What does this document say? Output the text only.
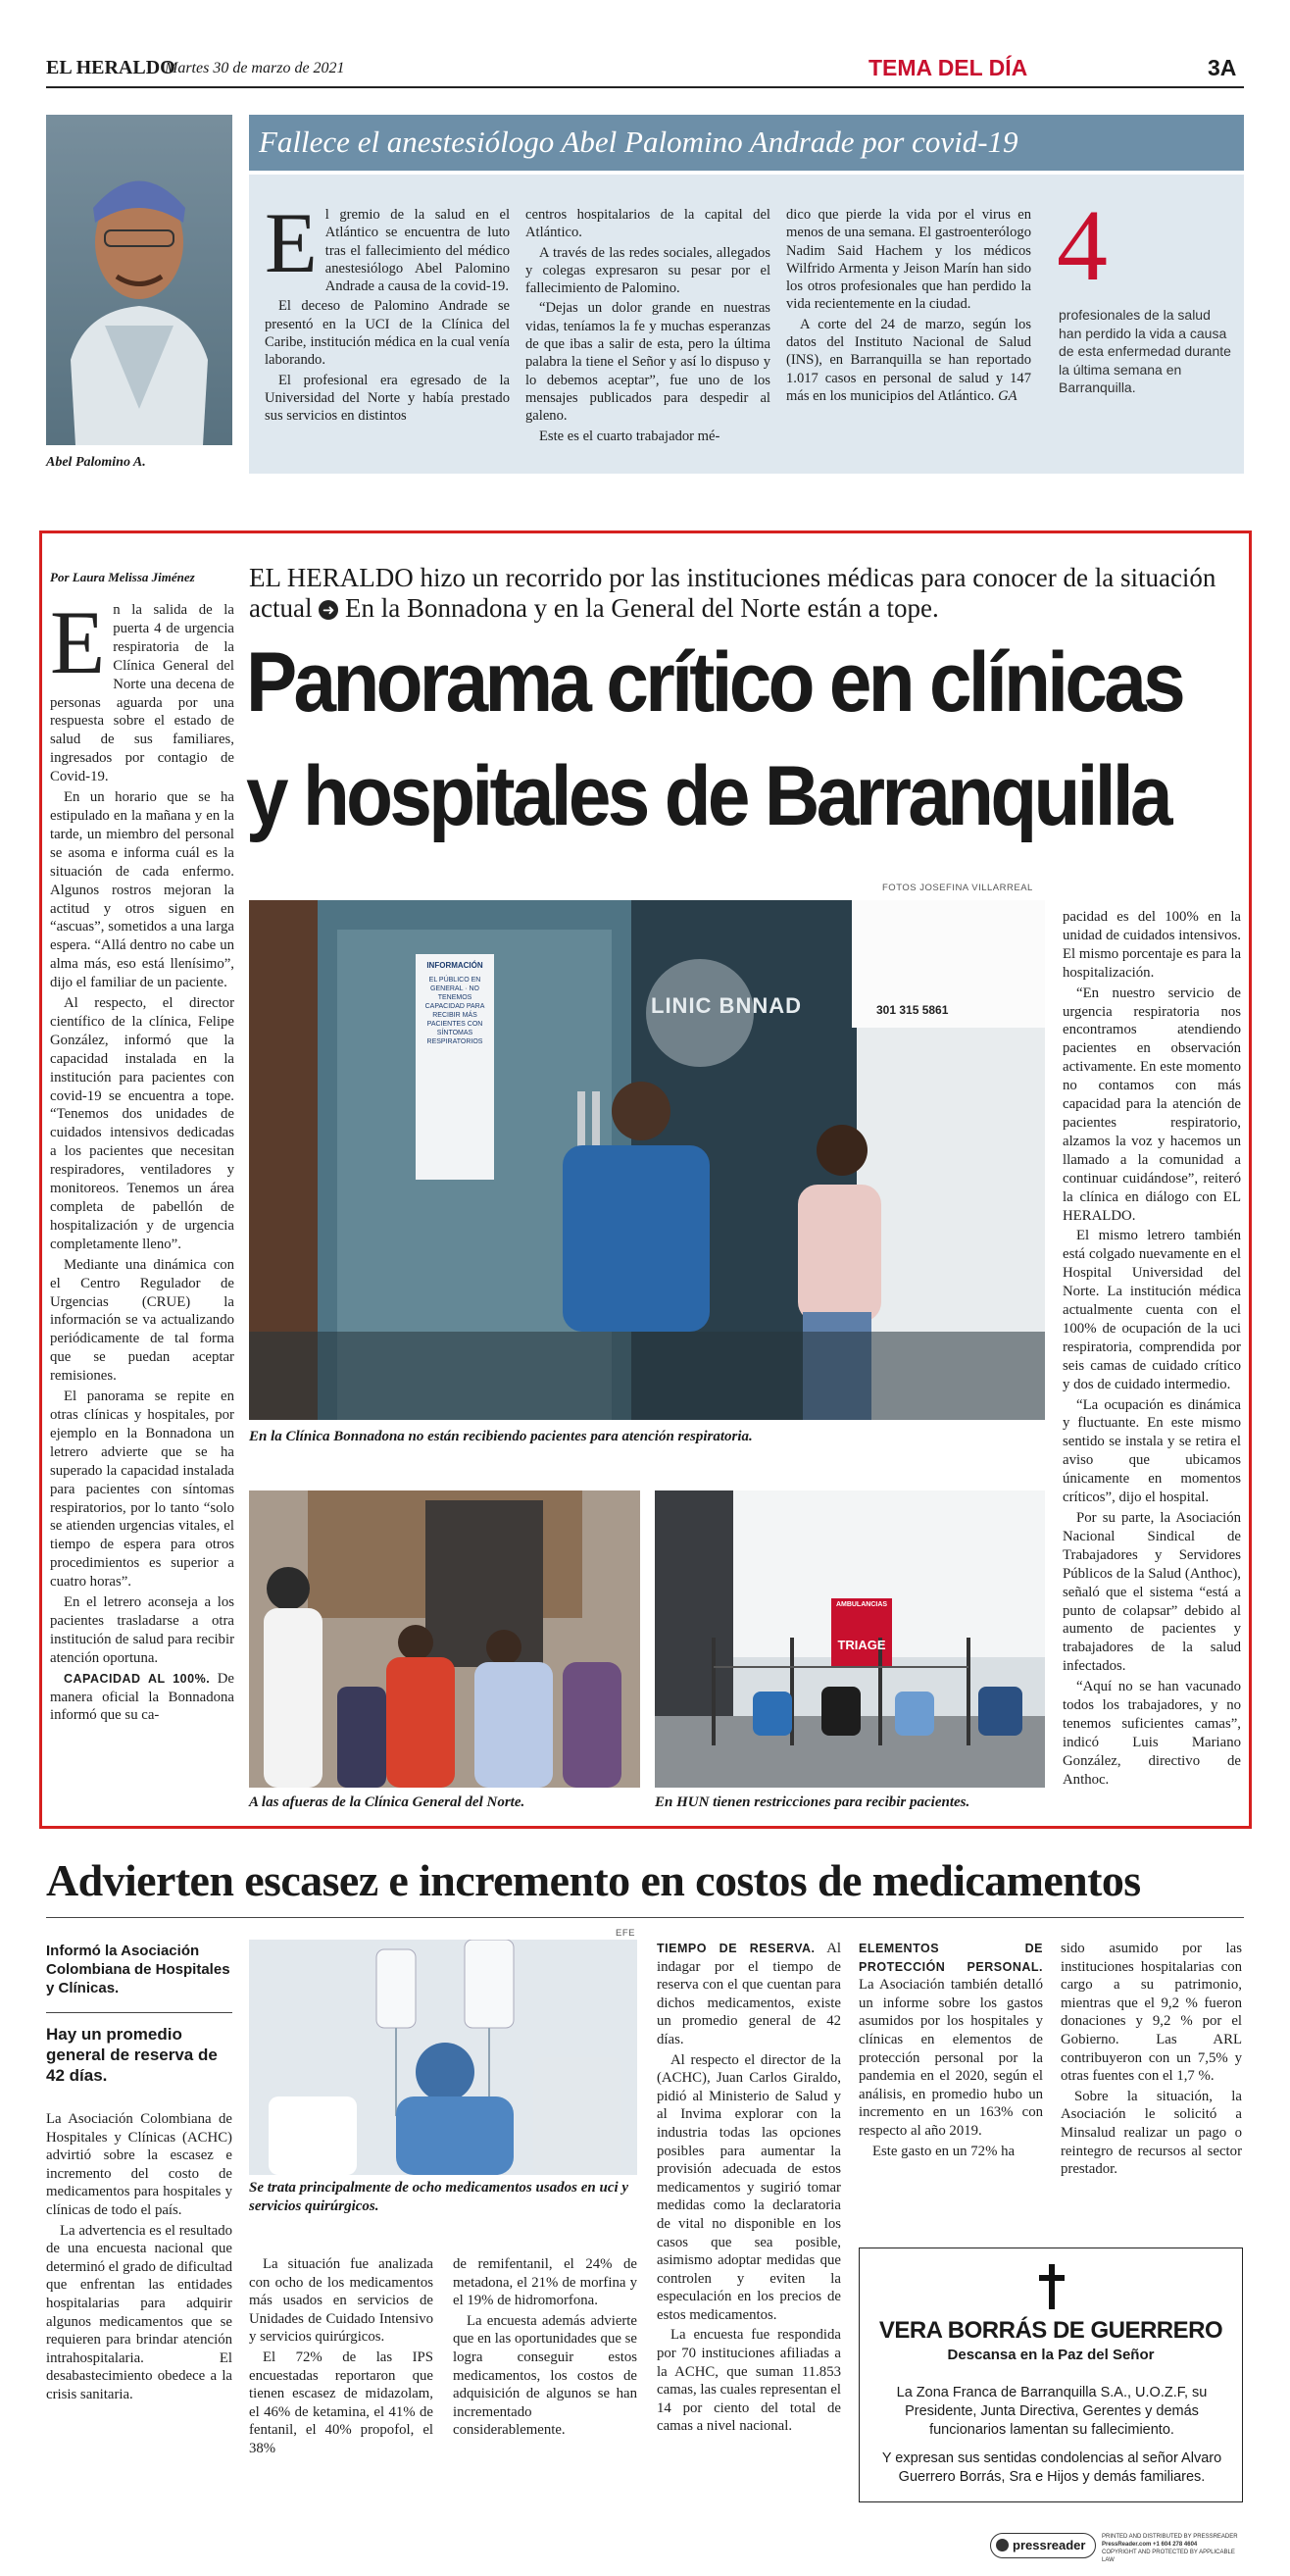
EL HERALDO
Martes 30 de marzo de 2021	TEMA DEL DÍA	3A
Abel Palomino A.
Fallece el anestesiólogo Abel Palomino Andrade por covid-19
E l gremio de la salud en el Atlántico se encuentra de luto tras el fallecimiento del médico anestesiólogo Abel Palomino Andrade a causa de la covid-19.

El deceso de Palomino Andrade se presentó en la UCI de la Clínica del Caribe, institución médica en la cual venía laborando.

El profesional era egresado de la Universidad del Norte y había prestado sus servicios en distintos

centros hospitalarios de la capital del Atlántico.

A través de las redes sociales, allegados y colegas expresaron su pesar por el fallecimiento de Palomino.

“Dejas un dolor grande en nuestras vidas, teníamos la fe y muchas esperanzas de que ibas a salir de esta, pero la última palabra la tiene el Señor y así lo dispuso y lo debemos aceptar”, fue uno de los mensajes publicados para despedir al galeno.

Este es el cuarto trabajador mé-

dico que pierde la vida por el virus en menos de una semana. El gastroenterólogo Nadim Said Hachem y los médicos Wilfrido Armenta y Jeison Marín han sido los otros profesionales que han perdido la vida recientemente en la ciudad.

A corte del 24 de marzo, según los datos del Instituto Nacional de Salud (INS), en Barranquilla se han reportado 1.017 casos en personal de salud y 147 más en los municipios del Atlántico. GA

4
profesionales de la salud han perdido la vida a causa de esta enfermedad durante la última semana en Barranquilla.
Por Laura Melissa Jiménez EL HERALDO hizo un recorrido por las instituciones médicas para conocer de la situación actual ➜ En la Bonnadona y en la General del Norte están a tope.
Panorama crítico en clínicas
y hospitales de Barranquilla
E n la salida de la puerta 4 de urgencia respiratoria de la Clínica General del Norte una decena de personas aguarda por una respuesta sobre el estado de salud de sus familiares, ingresados por contagio de Covid-19.

En un horario que se ha estipulado en la mañana y en la tarde, un miembro del personal se asoma e informa cuál es la situación de cada enfermo. Algunos rostros mejoran la actitud y otros siguen en “ascuas”, sometidos a una larga espera. “Allá dentro no cabe un alma más, eso está llenísimo”, dijo el familiar de un paciente.

Al respecto, el director científico de la clínica, Felipe González, informó que la capacidad instalada en la institución para pacientes con covid-19 se encuentra a tope. “Tenemos dos unidades de cuidados intensivos dedicadas a los pacientes que necesitan respiradores, ventiladores y monitoreos. Tenemos un área completa de pabellón de hospitalización y de urgencia completamente lleno”.

Mediante una dinámica con el Centro Regulador de Urgencias (CRUE) la información se va actualizando periódicamente de tal forma que se puedan aceptar remisiones.

El panorama se repite en otras clínicas y hospitales, por ejemplo en la Bonnadona un letrero advierte que se ha superado la capacidad instalada para pacientes con síntomas respiratorios, por lo tanto “solo se atienden urgencias vitales, el tiempo de espera para otros procedimientos es superior a cuatro horas”.

En el letrero aconseja a los pacientes trasladarse a otra institución de salud para recibir atención oportuna.

CAPACIDAD AL 100%. De manera oficial la Bonnadona informó que su ca-

FOTOS JOSEFINA VILLARREAL
INFORMACIÓN
EL PÚBLICO EN GENERAL · NO TENEMOS CAPACIDAD PARA RECIBIR MÁS PACIENTES CON SÍNTOMAS RESPIRATORIOS
LINIC BNNAD	301 315 5861
En la Clínica Bonnadona no están recibiendo pacientes para atención respiratoria.
A las afueras de la Clínica General del Norte.
AMBULANCIAS
TRIAGE
En HUN tienen restricciones para recibir pacientes.

pacidad es del 100% en la unidad de cuidados intensivos. El mismo porcentaje es para la hospitalización.

“En nuestro servicio de urgencia respiratoria nos encontramos atendiendo pacientes en observación activamente. En este momento no contamos con más capacidad para la atención de pacientes respiratorio, alzamos la voz y hacemos un llamado a la comunidad a continuar cuidándose”, reiteró la clínica en diálogo con EL HERALDO.

El mismo letrero también está colgado nuevamente en el Hospital Universidad del Norte. La institución médica actualmente cuenta con el 100% de ocupación de la uci respiratoria, comprendida por seis camas de cuidado crítico y dos de cuidado intermedio.

“La ocupación es dinámica y fluctuante. En este mismo sentido se instala y se retira el aviso que ubicamos únicamente en momentos críticos”, dijo el hospital.

Por su parte, la Asociación Nacional Sindical de Trabajadores y Servidores Públicos de la Salud (Anthoc), señaló que el sistema “está a punto de colapsar” debido al aumento de pacientes y trabajadores de la salud infectados.

“Aquí no se han vacunado todos los trabajadores, y no tenemos suficientes camas”, indicó Luis Mariano González, directivo de Anthoc.

Advierten escasez e incremento en costos de medicamentos
Informó la Asociación Colombiana de Hospitales y Clínicas.
Hay un promedio general de reserva de 42 días.

La Asociación Colombiana de Hospitales y Clínicas (ACHC) advirtió sobre la escasez e incremento del costo de medicamentos para hospitales y clínicas de todo el país.

La advertencia es el resultado de una encuesta nacional que determinó el grado de dificultad que enfrentan las entidades hospitalarias para adquirir algunos medicamentos que se requieren para brindar atención intrahospitalaria. El desabastecimiento obedece a la crisis sanitaria.

EFE
Se trata principalmente de ocho medicamentos usados en uci y servicios quirúrgicos.

La situación fue analizada con ocho de los medicamentos más usados en servicios de Unidades de Cuidado Intensivo y servicios quirúrgicos.

El 72% de las IPS encuestadas reportaron que tienen escasez de midazolam, el 46% de ketamina, el 41% de fentanil, el 40% propofol, el 38%

de remifentanil, el 24% de metadona, el 21% de morfina y el 19% de hidromorfona.

La encuesta además advierte que en las oportunidades que se logra conseguir estos medicamentos, los costos de adquisición de algunos se han incrementado considerablemente.

TIEMPO DE RESERVA. Al indagar por el tiempo de reserva con el que cuentan para dichos medicamentos, existe un promedio general de 42 días.

Al respecto el director de la (ACHC), Juan Carlos Giraldo, pidió al Ministerio de Salud y al Invima explorar con la industria todas las opciones posibles para aumentar la provisión adecuada de estos medicamentos y sugirió tomar medidas como la declaratoria de vital no disponible en los casos que sea posible, asimismo adoptar medidas que controlen y eviten la especulación en los precios de estos medicamentos.

La encuesta fue respondida por 70 instituciones afiliadas a la ACHC, que suman 11.853 camas, las cuales representan el 14 por ciento del total de camas a nivel nacional.

ELEMENTOS DE PROTECCIÓN PERSONAL. La Asociación también detalló un informe sobre los gastos asumidos por los hospitales y clínicas en elementos de protección personal por la pandemia en el 2020, según el análisis, en promedio hubo un incremento en un 163% con respecto al año 2019.

Este gasto en un 72% ha

sido asumido por las instituciones hospitalarias con cargo a su patrimonio, mientras que el 9,2 % fueron donaciones y 9,2 % por el Gobierno. Las ARL contribuyeron con un 7,5% y otras fuentes con el 1,7 %.

Sobre la situación, la Asociación le solicitó a Minsalud realizar un pago o reintegro de recursos al sector prestador.

VERA BORRÁS DE GUERRERO
Descansa en la Paz del Señor
La Zona Franca de Barranquilla S.A., U.O.Z.F, su Presidente, Junta Directiva, Gerentes y demás funcionarios lamentan su fallecimiento.
Y expresan sus sentidas condolencias al señor Alvaro Guerrero Borrás, Sra e Hijos y demás familiares.
pressreader
PRINTED AND DISTRIBUTED BY PRESSREADER
PressReader.com +1 604 278 4604
COPYRIGHT AND PROTECTED BY APPLICABLE LAW
